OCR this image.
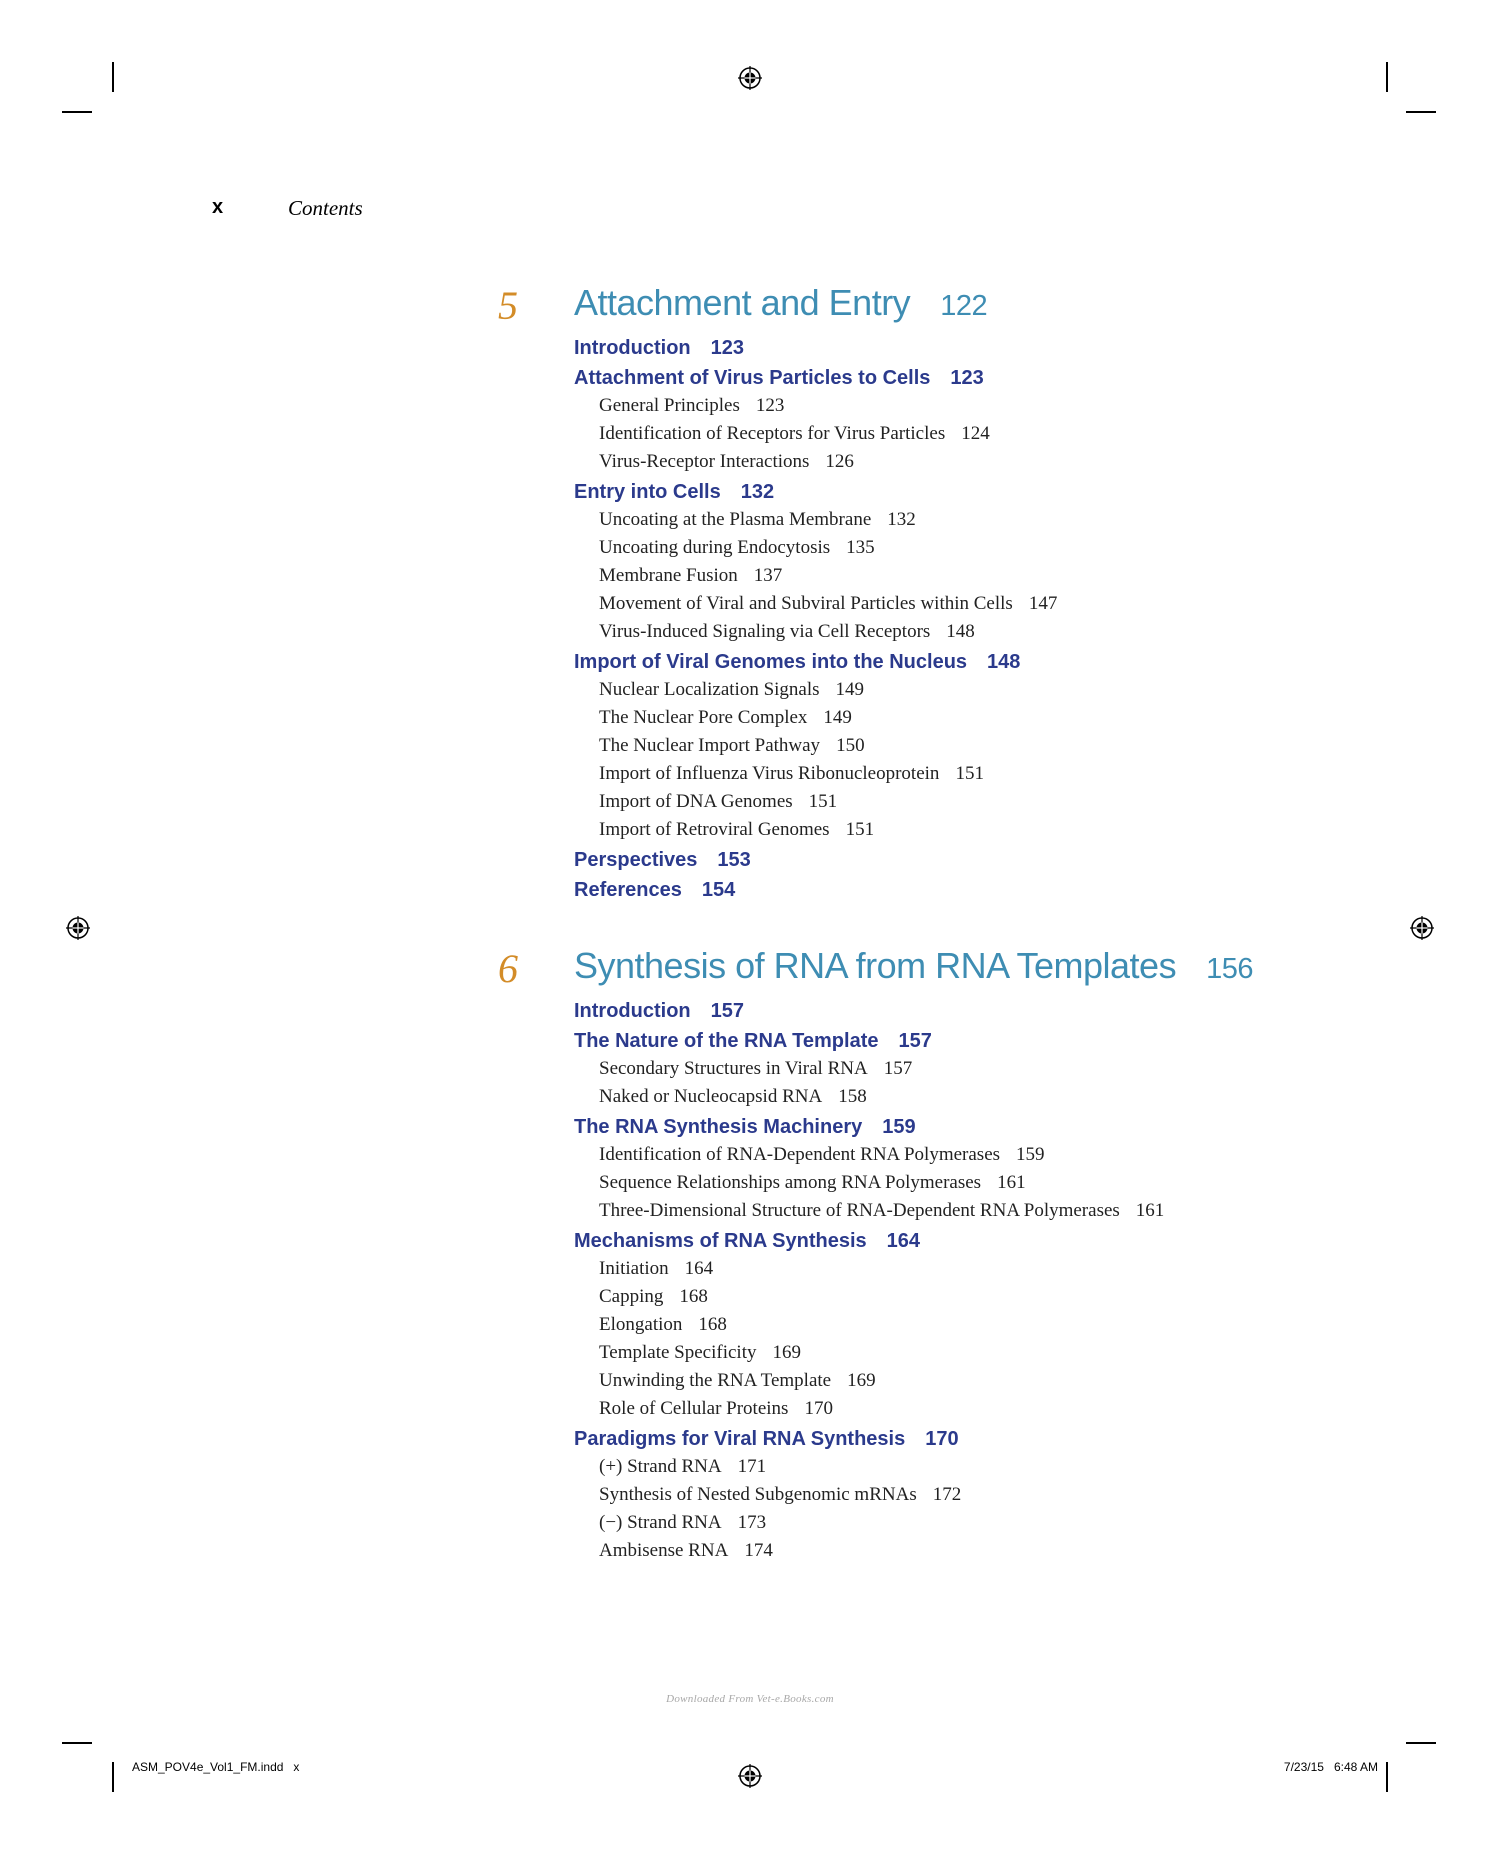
x	Contents
5 Attachment and Entry 122
Introduction 123
Attachment of Virus Particles to Cells 123
General Principles 123
Identification of Receptors for Virus Particles 124
Virus-Receptor Interactions 126
Entry into Cells 132
Uncoating at the Plasma Membrane 132
Uncoating during Endocytosis 135
Membrane Fusion 137
Movement of Viral and Subviral Particles within Cells 147
Virus-Induced Signaling via Cell Receptors 148
Import of Viral Genomes into the Nucleus 148
Nuclear Localization Signals 149
The Nuclear Pore Complex 149
The Nuclear Import Pathway 150
Import of Influenza Virus Ribonucleoprotein 151
Import of DNA Genomes 151
Import of Retroviral Genomes 151
Perspectives 153
References 154
6 Synthesis of RNA from RNA Templates 156
Introduction 157
The Nature of the RNA Template 157
Secondary Structures in Viral RNA 157
Naked or Nucleocapsid RNA 158
The RNA Synthesis Machinery 159
Identification of RNA-Dependent RNA Polymerases 159
Sequence Relationships among RNA Polymerases 161
Three-Dimensional Structure of RNA-Dependent RNA Polymerases 161
Mechanisms of RNA Synthesis 164
Initiation 164
Capping 168
Elongation 168
Template Specificity 169
Unwinding the RNA Template 169
Role of Cellular Proteins 170
Paradigms for Viral RNA Synthesis 170
(+) Strand RNA 171
Synthesis of Nested Subgenomic mRNAs 172
(−) Strand RNA 173
Ambisense RNA 174
Downloaded From Vet-e.Books.com
ASM_POV4e_Vol1_FM.indd   x	7/23/15   6:48 AM
